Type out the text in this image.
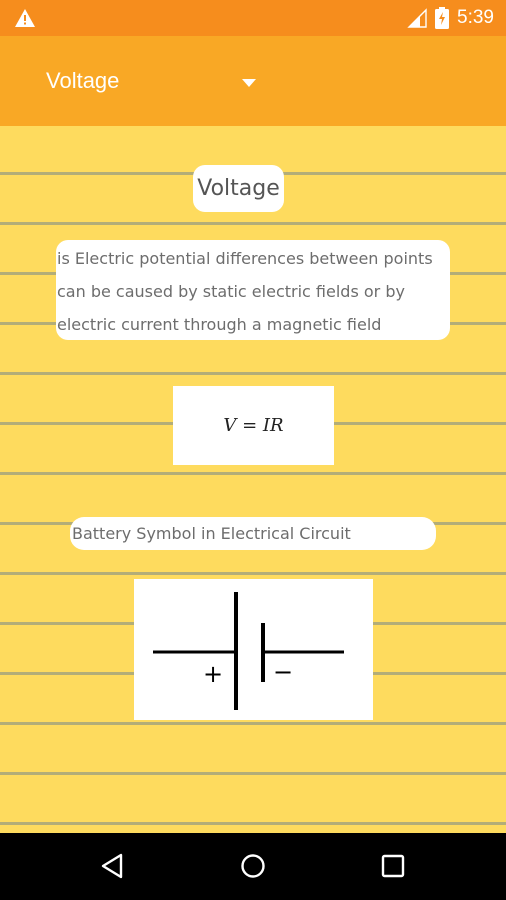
5:39
Voltage
Voltage
is Electric potential differences between points can be caused by static electric fields or by electric current through a magnetic field
V = IR
Battery Symbol in Electrical Circuit
+ −
